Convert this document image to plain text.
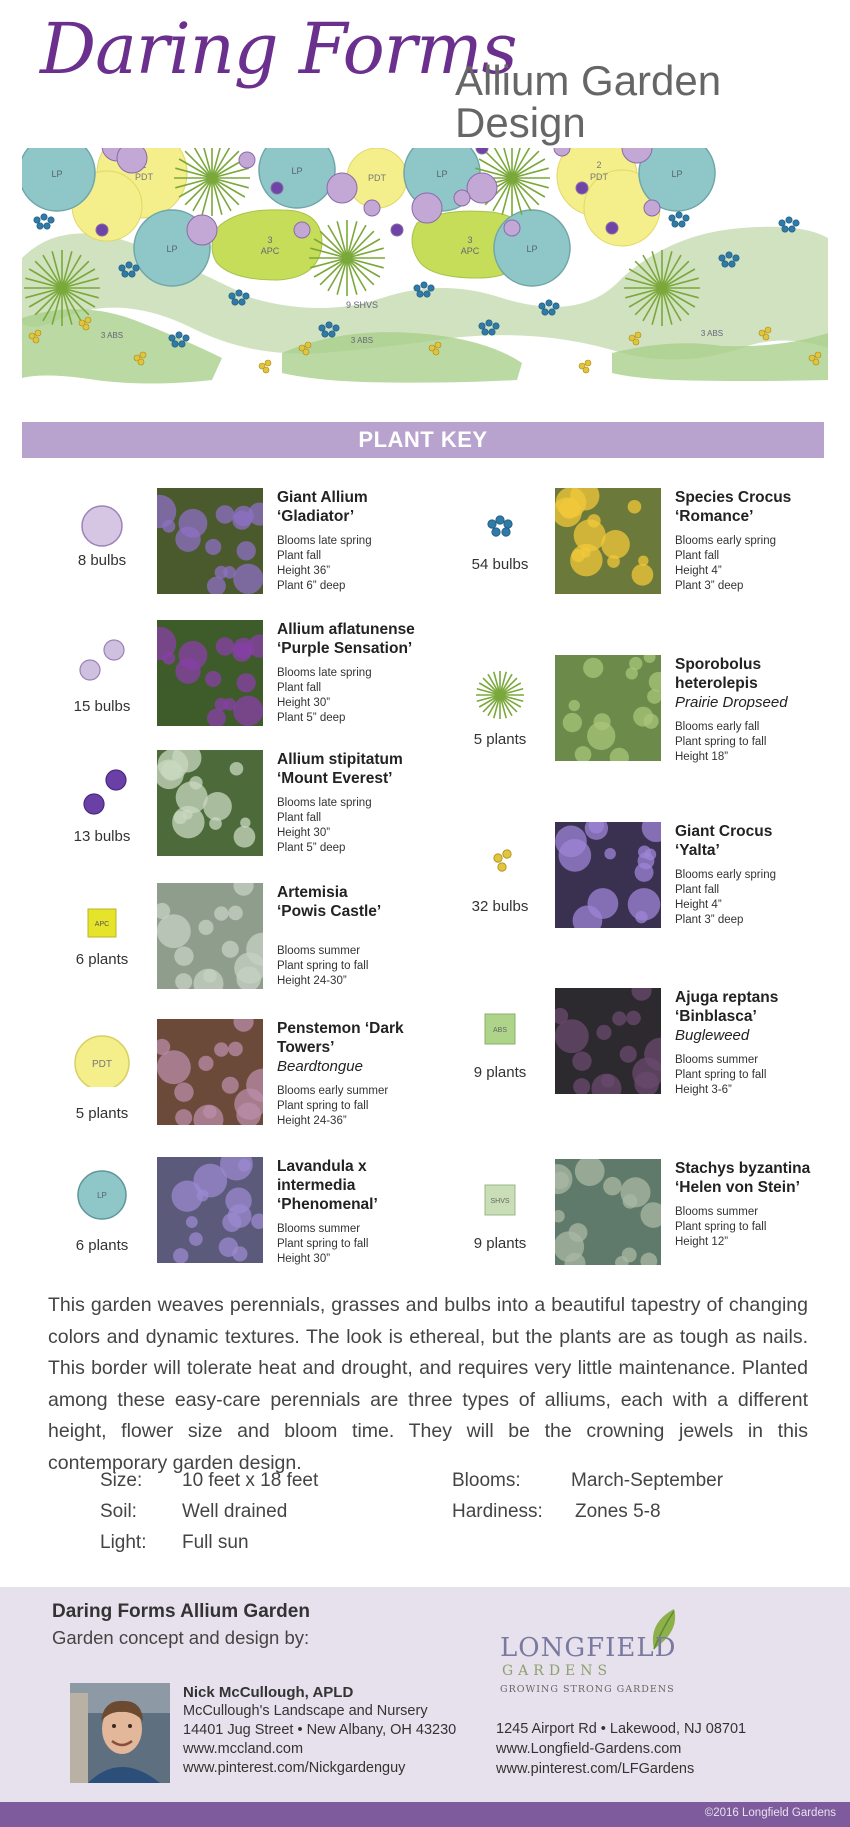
Daring Forms
Allium Garden Design
PDT	PDT
2
PDT
3
APC
3
APC
LP	LP	LP	LP
LP	LP
9 SHVS
3 ABS
3 ABS
3 ABS
PLANT KEY
8 bulbs
Giant Allium
‘Gladiator’
Blooms late spring
Plant fall
Height 36”
Plant 6” deep
15 bulbs
Allium aflatunense
‘Purple Sensation’
Blooms late spring
Plant fall
Height 30”
Plant 5” deep
13 bulbs
Allium stipitatum
‘Mount Everest’
Blooms late spring
Plant fall
Height 30”
Plant 5” deep
APC
6 plants
Artemisia
‘Powis Castle’

Blooms summer
Plant spring to fall
Height 24-30”
PDT
5 plants
Penstemon ‘Dark Towers’
Beardtongue
Blooms early summer
Plant spring to fall
Height 24-36”
LP
6 plants
Lavandula x intermedia
‘Phenomenal’
Blooms summer
Plant spring to fall
Height 30”
54 bulbs
Species Crocus
‘Romance’
Blooms early spring
Plant fall
Height 4”
Plant 3” deep
5 plants
Sporobolus heterolepis
Prairie Dropseed
Blooms early fall
Plant spring to fall
Height 18”
32 bulbs
Giant Crocus
‘Yalta’
Blooms early spring
Plant fall
Height 4”
Plant 3” deep
ABS
9 plants
Ajuga reptans
‘Binblasca’
Bugleweed
Blooms summer
Plant spring to fall
Height 3-6”
SHVS
9 plants
Stachys byzantina
‘Helen von Stein’
Blooms summer
Plant spring to fall
Height 12”
This garden weaves perennials, grasses and bulbs into a beautiful tapestry of changing colors and dynamic textures. The look is ethereal, but the plants are as tough as nails. This border will tolerate heat and drought, and requires very little maintenance. Planted among these easy-care perennials are three types of alliums, each with a different height, flower size and bloom time. They will be the crowning jewels in this contemporary garden design.
Size: 10 feet x 18 feet
Soil: Well drained
Light: Full sun
Blooms:	March-September
Hardiness: Zones 5-8
Daring Forms Allium Garden
Garden concept and design by:
Nick McCullough, APLD
McCullough's Landscape and Nursery
14401 Jug Street • New Albany, OH 43230
www.mccland.com
www.pinterest.com/Nickgardenguy
LONGFIELD
GARDENS
GROWING STRONG GARDENS
1245 Airport Rd • Lakewood, NJ 08701
www.Longfield-Gardens.com
www.pinterest.com/LFGardens
©2016 Longfield Gardens
